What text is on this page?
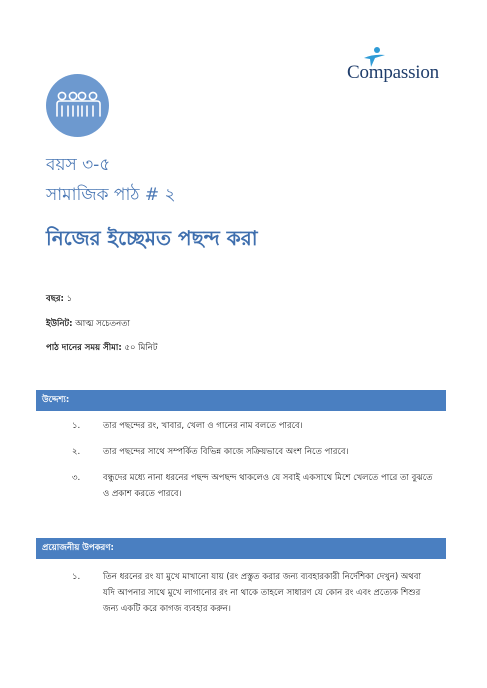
Compassion
বয়স ৩-৫
সামাজিক পাঠ # ২
নিজের ইচ্ছেমত পছন্দ করা
বছর: ১
ইউনিট: আত্ম সচেতনতা
পাঠ দানের সময় সীমা: ৫০ মিনিট
উদ্দেশ্য:
১.	তার পছন্দের রং, খাবার, খেলা ও গানের নাম বলতে পারবে।
২.	তার পছন্দের সাথে সম্পর্কিত বিভিন্ন কাজে সক্রিয়ভাবে অংশ নিতে পারবে।
৩.	বন্ধুদের মধ্যে নানা ধরনের পছন্দ অপছন্দ থাকলেও যে সবাই একসাথে মিশে খেলতে পারে তা বুঝতে ও প্রকাশ করতে পারবে।
প্রয়োজনীয় উপকরণ:
১.	তিন ধরনের রং যা মুখে মাখানো যায় (রং প্রস্তুত করার জন্য ব্যবহারকারী নির্দেশিকা দেখুন) অথবা যদি আপনার সাথে মুখে লাগানোর রং না থাকে তাহলে সাধারণ যে কোন রং এবং প্রত্যেক শিশুর জন্য একটি করে কাগজ ব্যবহার করুন।
